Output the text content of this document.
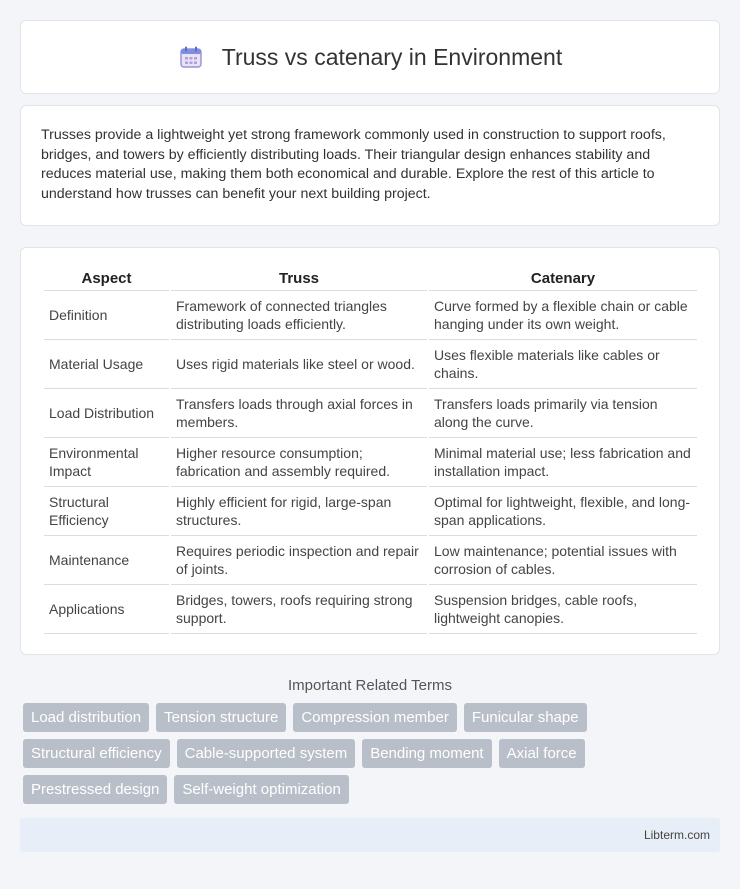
Truss vs catenary in Environment

Trusses provide a lightweight yet strong framework commonly used in construction to support roofs, bridges, and towers by efficiently distributing loads. Their triangular design enhances stability and reduces material use, making them both economical and durable. Explore the rest of this article to understand how trusses can benefit your next building project.

Aspect	Truss	Catenary
Definition	Framework of connected triangles distributing loads efficiently.	Curve formed by a flexible chain or cable hanging under its own weight.
Material Usage	Uses rigid materials like steel or wood.	Uses flexible materials like cables or chains.
Load Distribution	Transfers loads through axial forces in members.	Transfers loads primarily via tension along the curve.
Environmental Impact	Higher resource consumption; fabrication and assembly required.	Minimal material use; less fabrication and installation impact.
Structural Efficiency	Highly efficient for rigid, large-span structures.	Optimal for lightweight, flexible, and long-span applications.
Maintenance	Requires periodic inspection and repair of joints.	Low maintenance; potential issues with corrosion of cables.
Applications	Bridges, towers, roofs requiring strong support.	Suspension bridges, cable roofs, lightweight canopies.
Important Related Terms
Load distribution	Tension structure	Compression member	Funicular shape
Structural efficiency	Cable-supported system	Bending moment	Axial force
Prestressed design	Self-weight optimization
Libterm.com
